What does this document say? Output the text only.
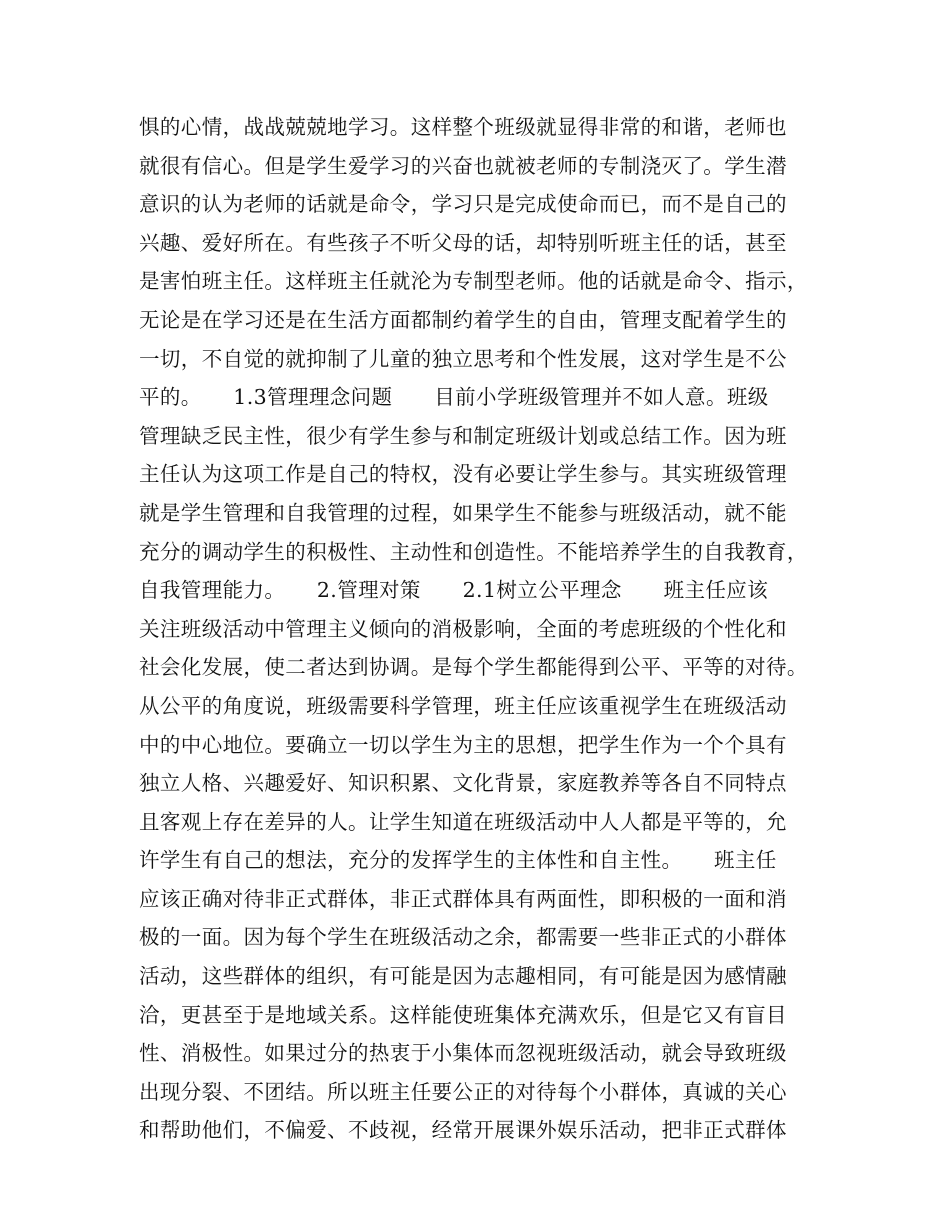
惧的心情，战战兢兢地学习。这样整个班级就显得非常的和谐，老师也
就很有信心。但是学生爱学习的兴奋也就被老师的专制浇灭了。学生潜
意识的认为老师的话就是命令，学习只是完成使命而已，而不是自己的
兴趣、爱好所在。有些孩子不听父母的话，却特别听班主任的话，甚至
是害怕班主任。这样班主任就沦为专制型老师。他的话就是命令、指示，
无论是在学习还是在生活方面都制约着学生的自由，管理支配着学生的
一切，不自觉的就抑制了儿童的独立思考和个性发展，这对学生是不公
平的。　　1.3管理理念问题　　目前小学班级管理并不如人意。班级
管理缺乏民主性，很少有学生参与和制定班级计划或总结工作。因为班
主任认为这项工作是自己的特权，没有必要让学生参与。其实班级管理
就是学生管理和自我管理的过程，如果学生不能参与班级活动，就不能
充分的调动学生的积极性、主动性和创造性。不能培养学生的自我教育，
自我管理能力。　　2.管理对策　　2.1树立公平理念　　班主任应该
关注班级活动中管理主义倾向的消极影响，全面的考虑班级的个性化和
社会化发展，使二者达到协调。是每个学生都能得到公平、平等的对待。
从公平的角度说，班级需要科学管理，班主任应该重视学生在班级活动
中的中心地位。要确立一切以学生为主的思想，把学生作为一个个具有
独立人格、兴趣爱好、知识积累、文化背景，家庭教养等各自不同特点
且客观上存在差异的人。让学生知道在班级活动中人人都是平等的，允
许学生有自己的想法，充分的发挥学生的主体性和自主性。　　班主任
应该正确对待非正式群体，非正式群体具有两面性，即积极的一面和消
极的一面。因为每个学生在班级活动之余，都需要一些非正式的小群体
活动，这些群体的组织，有可能是因为志趣相同，有可能是因为感情融
洽，更甚至于是地域关系。这样能使班集体充满欢乐，但是它又有盲目
性、消极性。如果过分的热衷于小集体而忽视班级活动，就会导致班级
出现分裂、不团结。所以班主任要公正的对待每个小群体，真诚的关心
和帮助他们，不偏爱、不歧视，经常开展课外娱乐活动，把非正式群体
